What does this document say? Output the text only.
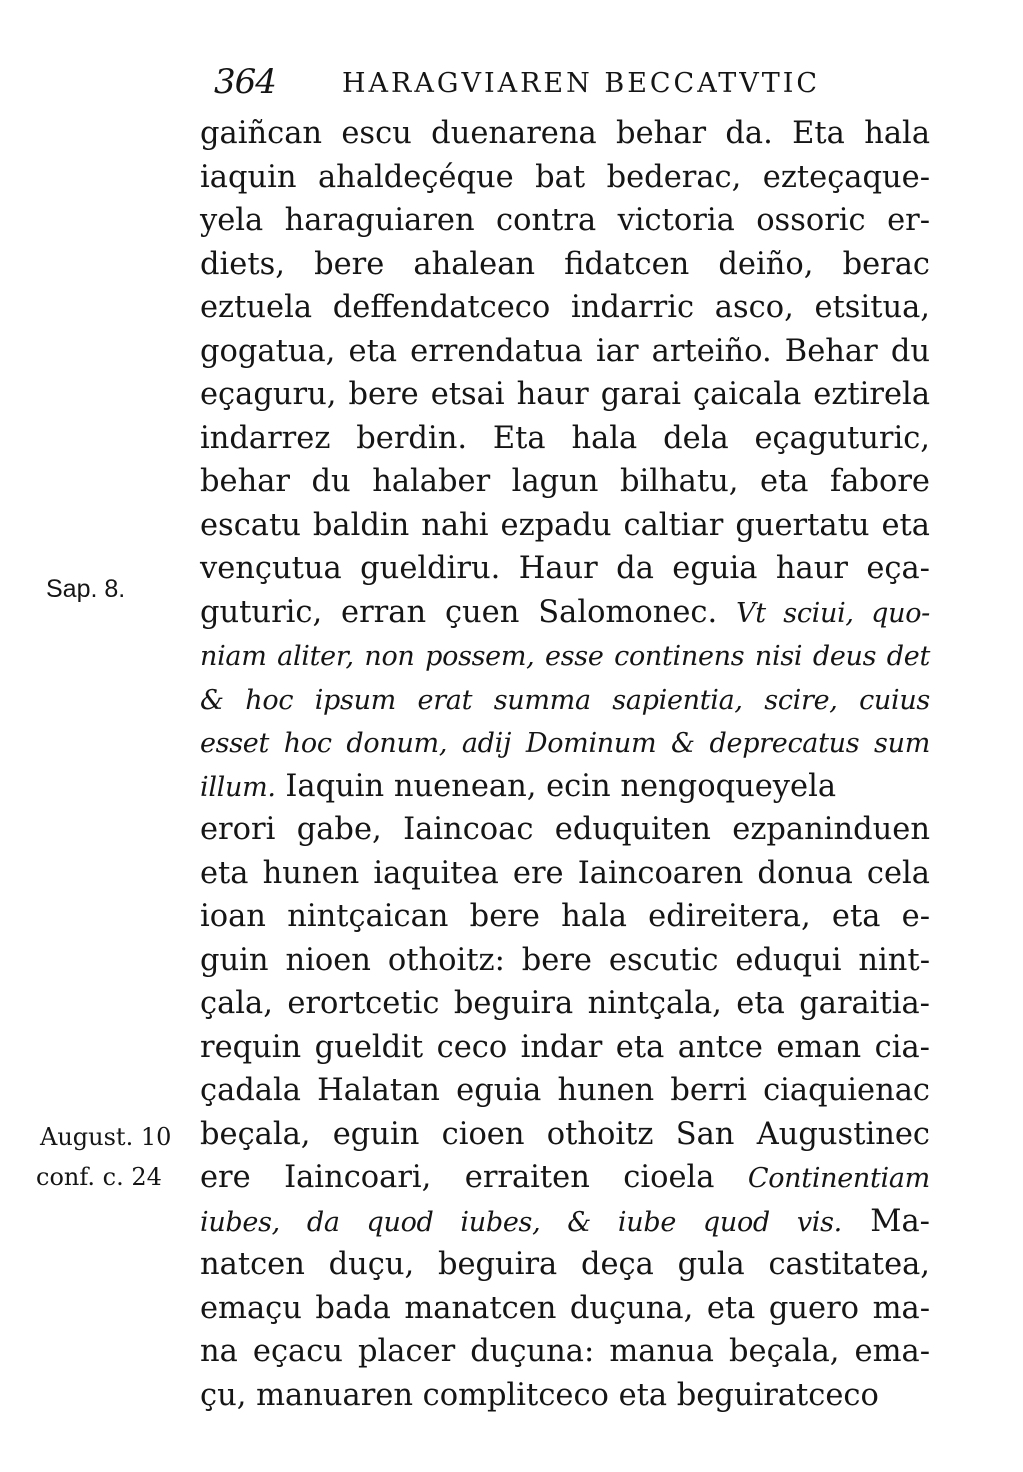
364 HARAGVIAREN BECCATVTIC
Sap. 8.
August. 10
conf. c. 24
gaiñcan escu duenarena behar da. Eta hala
iaquin ahaldeçéque bat bederac, ezteçaque-
yela haraguiaren contra victoria ossoric er-
diets, bere ahalean fidatcen deiño, berac
eztuela deffendatceco indarric asco, etsitua,
gogatua, eta errendatua iar arteiño. Behar du
eçaguru, bere etsai haur garai çaicala eztirela
indarrez berdin. Eta hala dela eçaguturic,
behar du halaber lagun bilhatu, eta fabore
escatu baldin nahi ezpadu caltiar guertatu eta
vençutua gueldiru. Haur da eguia haur eça-
guturic, erran çuen Salomonec. Vt sciui, quo-
niam aliter, non possem, esse continens nisi deus det
& hoc ipsum erat summa sapientia, scire, cuius
esset hoc donum, adij Dominum & deprecatus sum
illum. Iaquin nuenean, ecin nengoqueyela
erori gabe, Iaincoac eduquiten ezpaninduen
eta hunen iaquitea ere Iaincoaren donua cela
ioan nintçaican bere hala edireitera, eta e-
guin nioen othoitz: bere escutic eduqui nint-
çala, erortcetic beguira nintçala, eta garaitia-
requin gueldit ceco indar eta antce eman cia-
çadala Halatan eguia hunen berri ciaquienac
beçala, eguin cioen othoitz San Augustinec
ere Iaincoari, erraiten cioela Continentiam
iubes, da quod iubes, & iube quod vis. Ma-
natcen duçu, beguira deça gula castitatea,
emaçu bada manatcen duçuna, eta guero ma-
na eçacu placer duçuna: manua beçala, ema-
çu, manuaren complitceco eta beguiratceco
